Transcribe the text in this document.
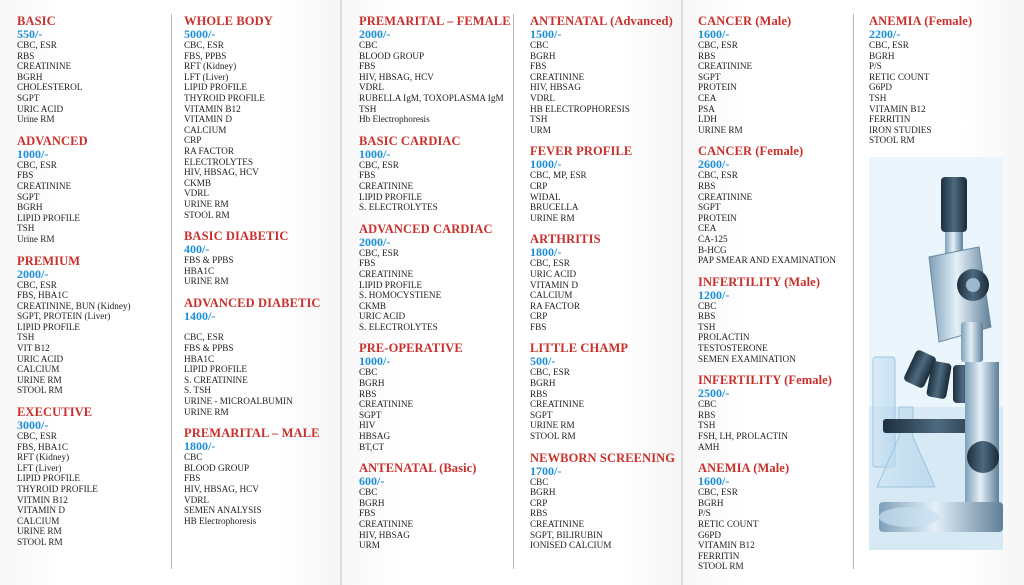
BASIC
550/-
CBC, ESR
RBS
CREATININE
BGRH
CHOLESTEROL
SGPT
URIC ACID
Urine RM
ADVANCED
1000/-
CBC, ESR
FBS
CREATININE
SGPT
BGRH
LIPID PROFILE
TSH
Urine RM
PREMIUM
2000/-
CBC, ESR
FBS, HBA1C
CREATININE, BUN (Kidney)
SGPT, PROTEIN (Liver)
LIPID PROFILE
TSH
VIT B12
URIC ACID
CALCIUM
URINE RM
STOOL RM
EXECUTIVE
3000/-
CBC, ESR
FBS, HBA1C
RFT (Kidney)
LFT (Liver)
LIPID PROFILE
THYROID PROFILE
VITMIN B12
VITAMIN D
CALCIUM
URINE RM
STOOL RM
WHOLE BODY
5000/-
CBC, ESR
FBS, PPBS
RFT (Kidney)
LFT (Liver)
LIPID PROFILE
THYROID PROFILE
VITAMIN B12
VITAMIN D
CALCIUM
CRP
RA FACTOR
ELECTROLYTES
HIV, HBSAG, HCV
CKMB
VDRL
URINE RM
STOOL RM
BASIC DIABETIC
400/-
FBS & PPBS
HBA1C
URINE RM
ADVANCED DIABETIC
1400/-

CBC, ESR
FBS & PPBS
HBA1C
LIPID PROFILE
S. CREATININE
S. TSH
URINE - MICROALBUMIN
URINE RM
PREMARITAL – MALE
1800/-
CBC
BLOOD GROUP
FBS
HIV, HBSAG, HCV
VDRL
SEMEN ANALYSIS
HB Electrophoresis
PREMARITAL – FEMALE
2000/-
CBC
BLOOD GROUP
FBS
HIV, HBSAG, HCV
VDRL
RUBELLA IgM, TOXOPLASMA IgM
TSH
Hb Electrophoresis
BASIC CARDIAC
1000/-
CBC, ESR
FBS
CREATININE
LIPID PROFILE
S. ELECTROLYTES
ADVANCED CARDIAC
2000/-
CBC, ESR
FBS
CREATININE
LIPID PROFILE
S. HOMOCYSTIENE
CKMB
URIC ACID
S. ELECTROLYTES
PRE-OPERATIVE
1000/-
CBC
BGRH
RBS
CREATININE
SGPT
HIV
HBSAG
BT,CT
ANTENATAL (Basic)
600/-
CBC
BGRH
FBS
CREATININE
HIV, HBSAG
URM
ANTENATAL (Advanced)
1500/-
CBC
BGRH
FBS
CREATININE
HIV, HBSAG
VDRL
HB ELECTROPHORESIS
TSH
URM
FEVER PROFILE
1000/-
CBC, MP, ESR
CRP
WIDAL
BRUCELLA
URINE RM
ARTHRITIS
1800/-
CBC, ESR
URIC ACID
VITAMIN D
CALCIUM
RA FACTOR
CRP
FBS
LITTLE CHAMP
500/-
CBC, ESR
BGRH
RBS
CREATININE
SGPT
URINE RM
STOOL RM
NEWBORN SCREENING
1700/-
CBC
BGRH
CRP
RBS
CREATININE
SGPT, BILIRUBIN
IONISED CALCIUM
CANCER (Male)
1600/-
CBC, ESR
RBS
CREATININE
SGPT
PROTEIN
CEA
PSA
LDH
URINE RM
CANCER (Female)
2600/-
CBC, ESR
RBS
CREATININE
SGPT
PROTEIN
CEA
CA-125
B-HCG
PAP SMEAR AND EXAMINATION
INFERTILITY (Male)
1200/-
CBC
RBS
TSH
PROLACTIN
TESTOSTERONE
SEMEN EXAMINATION
INFERTILITY (Female)
2500/-
CBC
RBS
TSH
FSH, LH, PROLACTIN
AMH
ANEMIA (Male)
1600/-
CBC, ESR
BGRH
P/S
RETIC COUNT
G6PD
VITAMIN B12
FERRITIN
STOOL RM
ANEMIA (Female)
2200/-
CBC, ESR
BGRH
P/S
RETIC COUNT
G6PD
TSH
VITAMIN B12
FERRITIN
IRON STUDIES
STOOL RM
